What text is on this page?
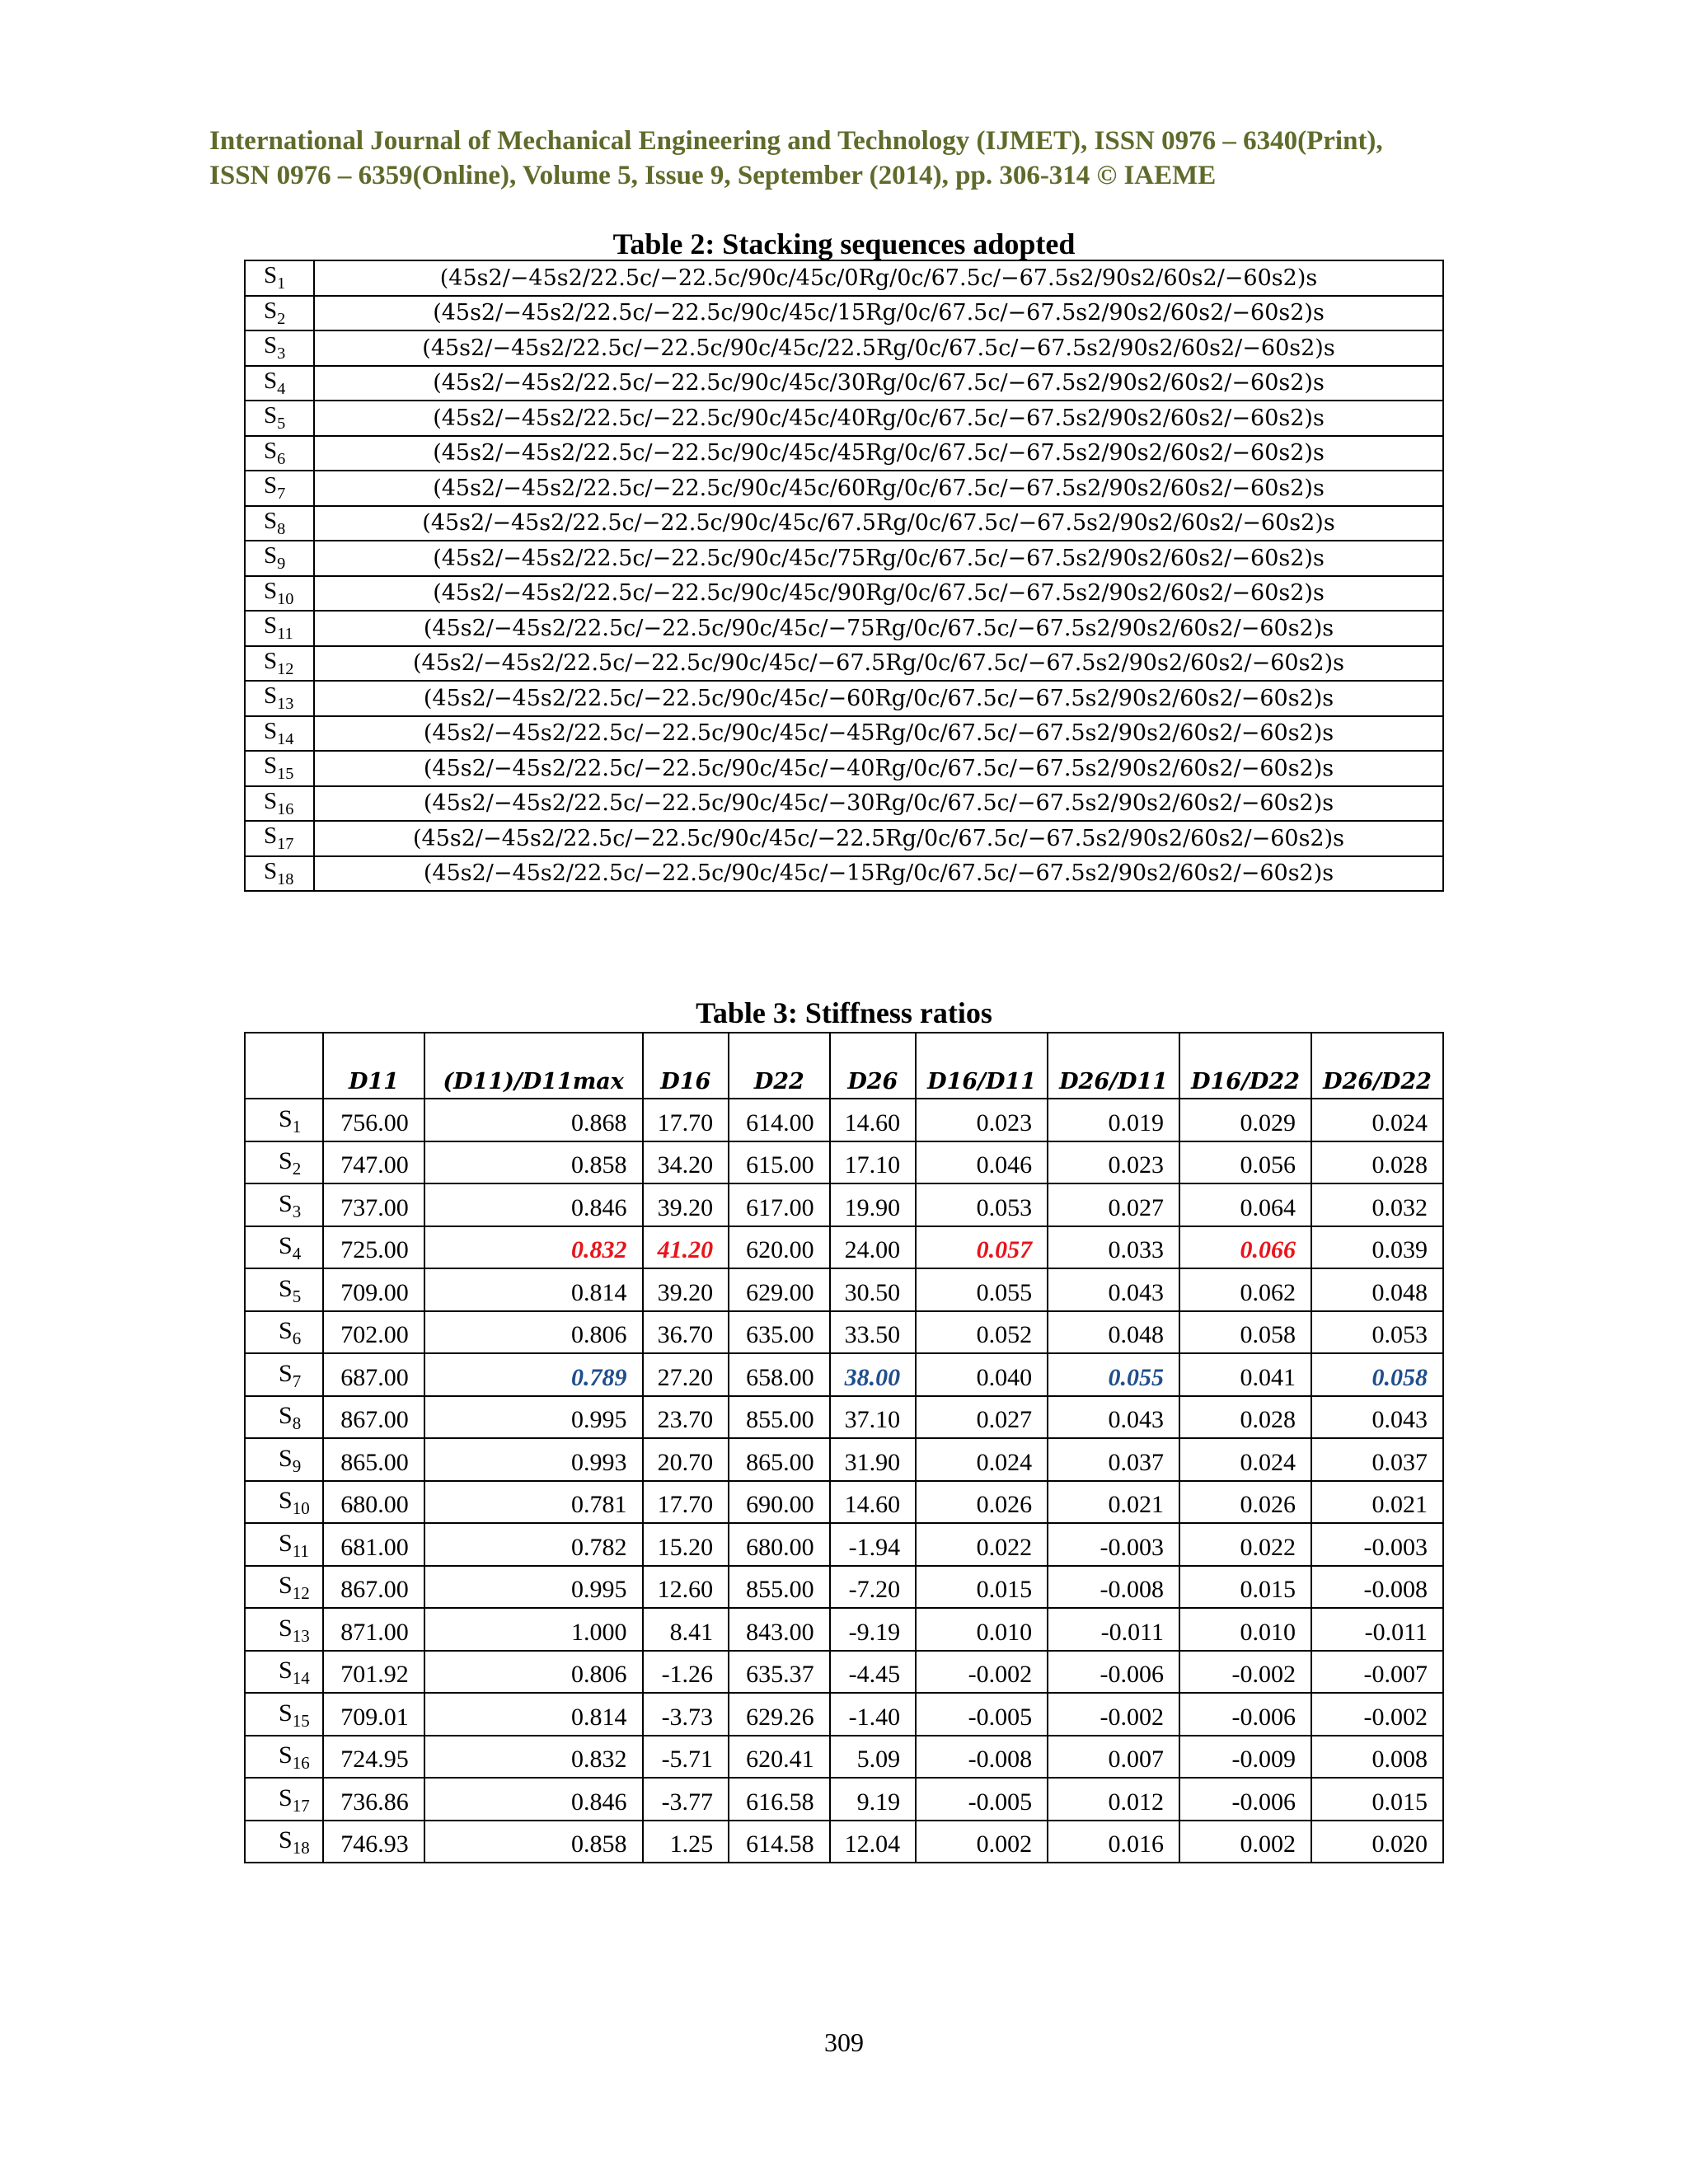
International Journal of Mechanical Engineering and Technology (IJMET), ISSN 0976 – 6340(Print),
ISSN 0976 – 6359(Online), Volume 5, Issue 9, September (2014), pp. 306-314 © IAEME
Table 2: Stacking sequences adopted
$S_1$	(45s2/−45s2/22.5c/−22.5c/90c/45c/0Rg/0c/67.5c/−67.5s2/90s2/60s2/−60s2)s
$S_2$	(45s2/−45s2/22.5c/−22.5c/90c/45c/15Rg/0c/67.5c/−67.5s2/90s2/60s2/−60s2)s
$S_3$	(45s2/−45s2/22.5c/−22.5c/90c/45c/22.5Rg/0c/67.5c/−67.5s2/90s2/60s2/−60s2)s
$S_4$	(45s2/−45s2/22.5c/−22.5c/90c/45c/30Rg/0c/67.5c/−67.5s2/90s2/60s2/−60s2)s
$S_5$	(45s2/−45s2/22.5c/−22.5c/90c/45c/40Rg/0c/67.5c/−67.5s2/90s2/60s2/−60s2)s
$S_6$	(45s2/−45s2/22.5c/−22.5c/90c/45c/45Rg/0c/67.5c/−67.5s2/90s2/60s2/−60s2)s
$S_7$	(45s2/−45s2/22.5c/−22.5c/90c/45c/60Rg/0c/67.5c/−67.5s2/90s2/60s2/−60s2)s
$S_8$	(45s2/−45s2/22.5c/−22.5c/90c/45c/67.5Rg/0c/67.5c/−67.5s2/90s2/60s2/−60s2)s
$S_9$	(45s2/−45s2/22.5c/−22.5c/90c/45c/75Rg/0c/67.5c/−67.5s2/90s2/60s2/−60s2)s
$S_{10}$	(45s2/−45s2/22.5c/−22.5c/90c/45c/90Rg/0c/67.5c/−67.5s2/90s2/60s2/−60s2)s
$S_{11}$	(45s2/−45s2/22.5c/−22.5c/90c/45c/−75Rg/0c/67.5c/−67.5s2/90s2/60s2/−60s2)s
$S_{12}$	(45s2/−45s2/22.5c/−22.5c/90c/45c/−67.5Rg/0c/67.5c/−67.5s2/90s2/60s2/−60s2)s
$S_{13}$	(45s2/−45s2/22.5c/−22.5c/90c/45c/−60Rg/0c/67.5c/−67.5s2/90s2/60s2/−60s2)s
$S_{14}$	(45s2/−45s2/22.5c/−22.5c/90c/45c/−45Rg/0c/67.5c/−67.5s2/90s2/60s2/−60s2)s
$S_{15}$	(45s2/−45s2/22.5c/−22.5c/90c/45c/−40Rg/0c/67.5c/−67.5s2/90s2/60s2/−60s2)s
$S_{16}$	(45s2/−45s2/22.5c/−22.5c/90c/45c/−30Rg/0c/67.5c/−67.5s2/90s2/60s2/−60s2)s
$S_{17}$	(45s2/−45s2/22.5c/−22.5c/90c/45c/−22.5Rg/0c/67.5c/−67.5s2/90s2/60s2/−60s2)s
$S_{18}$	(45s2/−45s2/22.5c/−22.5c/90c/45c/−15Rg/0c/67.5c/−67.5s2/90s2/60s2/−60s2)s
Table 3: Stiffness ratios
	D11	(D11)/D11max	D16	D22	D26	D16/D11	D26/D11	D16/D22	D26/D22
$S_1$	756.00	0.868	17.70	614.00	14.60	0.023	0.019	0.029	0.024
$S_2$	747.00	0.858	34.20	615.00	17.10	0.046	0.023	0.056	0.028
$S_3$	737.00	0.846	39.20	617.00	19.90	0.053	0.027	0.064	0.032
$S_4$	725.00	0.832	41.20	620.00	24.00	0.057	0.033	0.066	0.039
$S_5$	709.00	0.814	39.20	629.00	30.50	0.055	0.043	0.062	0.048
$S_6$	702.00	0.806	36.70	635.00	33.50	0.052	0.048	0.058	0.053
$S_7$	687.00	0.789	27.20	658.00	38.00	0.040	0.055	0.041	0.058
$S_8$	867.00	0.995	23.70	855.00	37.10	0.027	0.043	0.028	0.043
$S_9$	865.00	0.993	20.70	865.00	31.90	0.024	0.037	0.024	0.037
$S_{10}$	680.00	0.781	17.70	690.00	14.60	0.026	0.021	0.026	0.021
$S_{11}$	681.00	0.782	15.20	680.00	-1.94	0.022	-0.003	0.022	-0.003
$S_{12}$	867.00	0.995	12.60	855.00	-7.20	0.015	-0.008	0.015	-0.008
$S_{13}$	871.00	1.000	8.41	843.00	-9.19	0.010	-0.011	0.010	-0.011
$S_{14}$	701.92	0.806	-1.26	635.37	-4.45	-0.002	-0.006	-0.002	-0.007
$S_{15}$	709.01	0.814	-3.73	629.26	-1.40	-0.005	-0.002	-0.006	-0.002
$S_{16}$	724.95	0.832	-5.71	620.41	5.09	-0.008	0.007	-0.009	0.008
$S_{17}$	736.86	0.846	-3.77	616.58	9.19	-0.005	0.012	-0.006	0.015
$S_{18}$	746.93	0.858	1.25	614.58	12.04	0.002	0.016	0.002	0.020
309
